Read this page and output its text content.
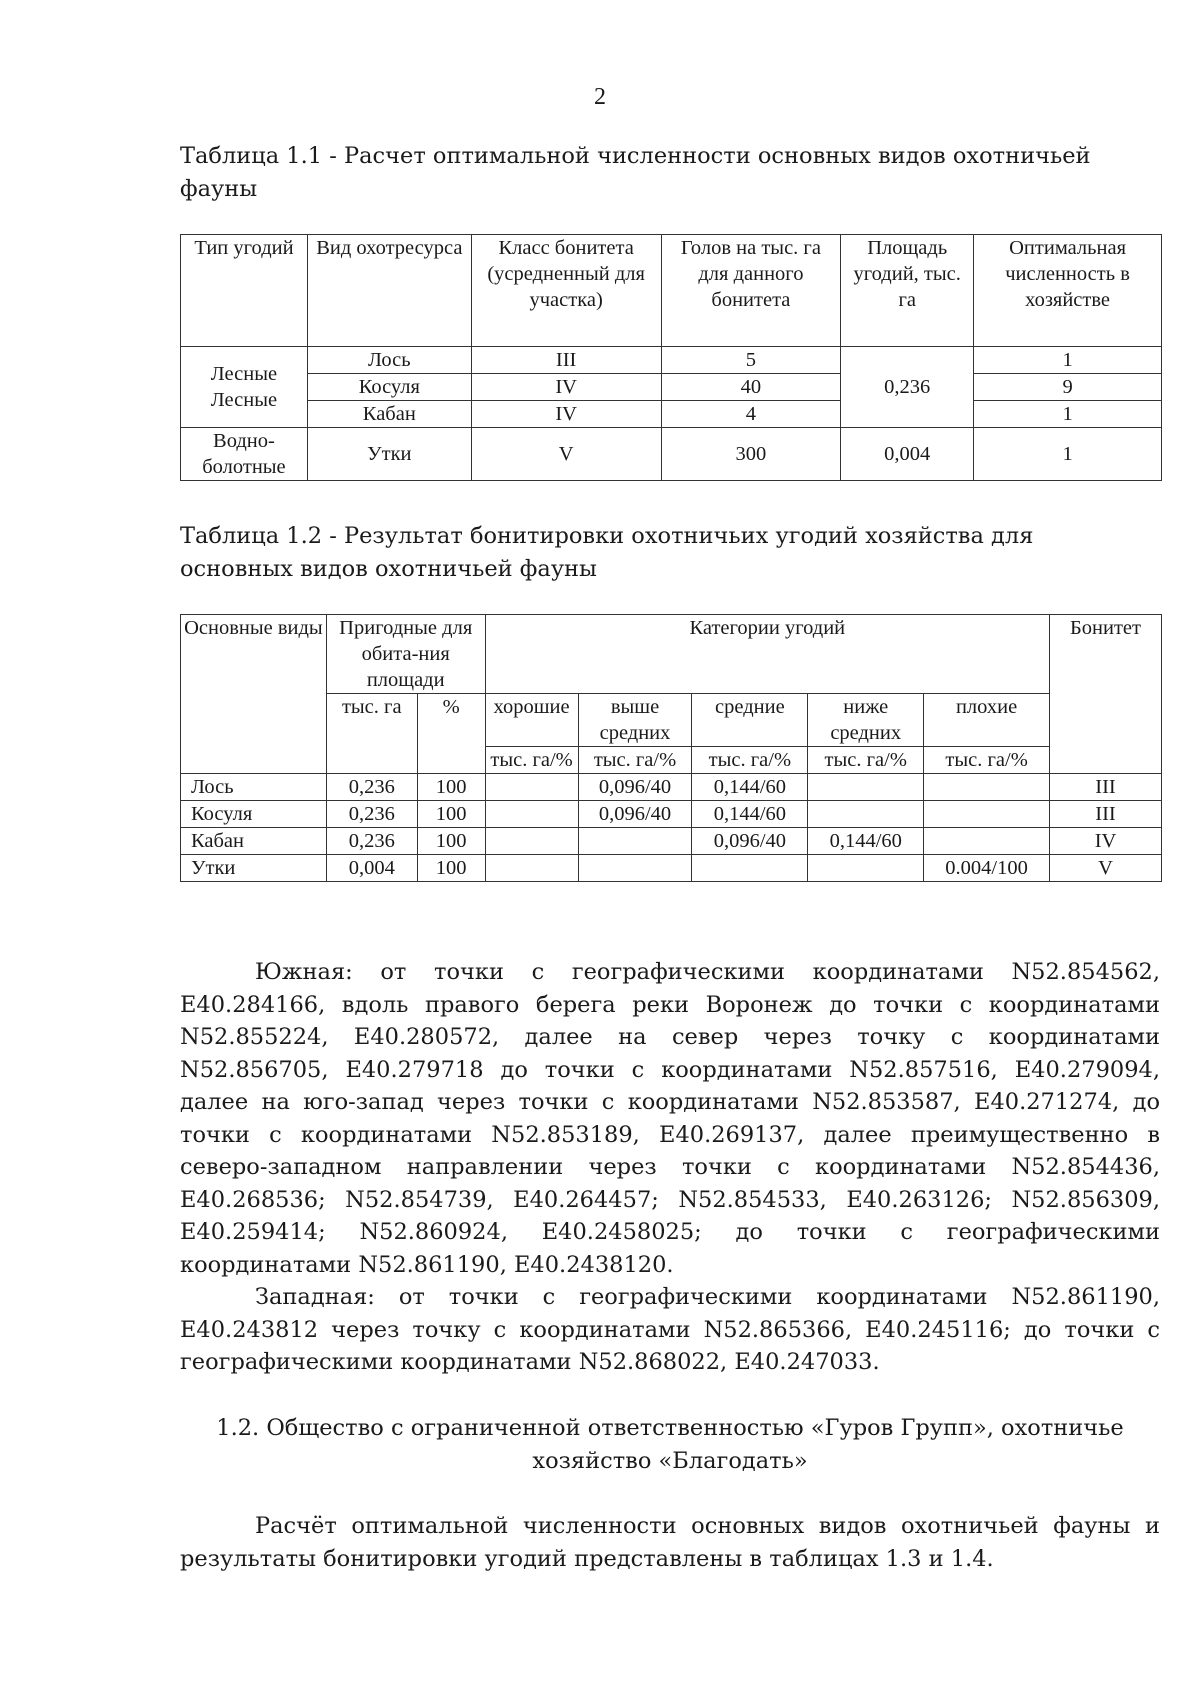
2
Таблица 1.1 - Расчет оптимальной численности основных видов охотничьей фауны
Тип угодий	Вид охотресурса	Класс бонитета (усредненный для участка)	Голов на тыс. га для данного бонитета	Площадь угодий, тыс. га	Оптимальная численность в хозяйстве
Лесные Лесные	Лось	III	5	0,236	1
	Косуля	IV	40		9
	Кабан	IV	4		1
Водно-болотные	Утки	V	300	0,004	1
Таблица 1.2 - Результат бонитировки охотничьих угодий хозяйства для основных видов охотничьей фауны
Основные виды	Пригодные для обита-ния площади		Категории угодий					Бонитет
	тыс. га	%	хорошие	выше средних	средние	ниже средних	плохие	
			тыс. га/%	тыс. га/%	тыс. га/%	тыс. га/%	тыс. га/%	
Лось	0,236	100		0,096/40	0,144/60			III
Косуля	0,236	100		0,096/40	0,144/60			III
Кабан	0,236	100			0,096/40	0,144/60		IV
Утки	0,004	100					0.004/100	V
Южная: от точки с географическими координатами N52.854562, E40.284166, вдоль правого берега реки Воронеж до точки с координатами N52.855224, E40.280572, далее на север через точку с координатами N52.856705, E40.279718 до точки с координатами N52.857516, E40.279094, далее на юго-запад через точки с координатами N52.853587, E40.271274, до точки с координатами N52.853189, E40.269137, далее преимущественно в северо-западном направлении через точки с координатами N52.854436, E40.268536; N52.854739, E40.264457; N52.854533, E40.263126; N52.856309, E40.259414; N52.860924, E40.2458025; до точки с географическими координатами N52.861190, E40.2438120.
Западная: от точки с географическими координатами N52.861190, E40.243812 через точку с координатами N52.865366, E40.245116; до точки с географическими координатами N52.868022, E40.247033.
1.2. Общество с ограниченной ответственностью «Гуров Групп», охотничье хозяйство «Благодать»
Расчёт оптимальной численности основных видов охотничьей фауны и результаты бонитировки угодий представлены в таблицах 1.3 и 1.4.
